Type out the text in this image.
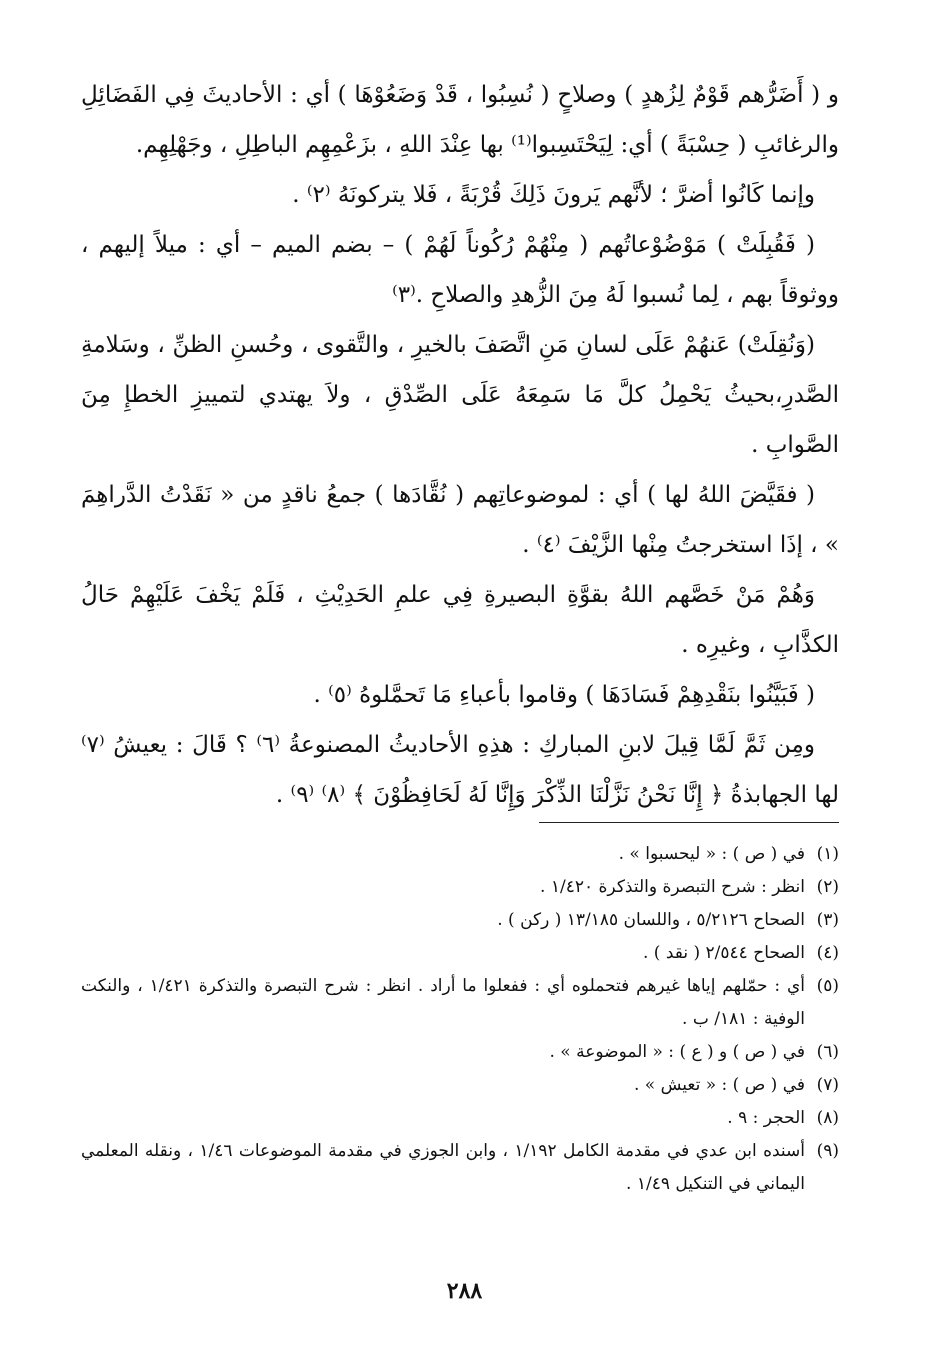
و ( أَضَرُّهم قَوْمٌ لِزُهدٍ ) وصلاحٍ ( نُسِبُوا ، قَدْ وَضَعُوْهَا ) أي : الأحاديثَ فِي الفَضَائِلِ والرغائبِ ( حِسْبَةً ) أي: لِيَحْتَسِبوا⁽¹⁾ بها عِنْدَ اللهِ ، بزَعْمِهِم الباطِلِ ، وجَهْلِهِم.

وإنما كَانُوا أضرَّ ؛ لأنَّهم يَرونَ ذَلِكَ قُرْبَةً ، فَلا يتركونَهُ ⁽٢⁾ .

( فَقُبِلَتْ ) مَوْضُوْعاتُهم ( مِنْهُمْ رُكُوناً لَهُمْ ) – بضم الميم – أي : ميلاً إليهم ، ووثوقاً بهم ، لِما نُسبوا لَهُ مِنَ الزُّهدِ والصلاحِ .⁽٣⁾

(وَنُقِلَتْ) عَنهُمْ عَلَى لسانِ مَنِ اتَّصَفَ بالخيرِ ، والتَّقوى ، وحُسنِ الظنِّ ، وسَلامةِ الصَّدرِ،بحيثُ يَحْمِلُ كلَّ مَا سَمِعَهُ عَلَى الصِّدْقِ ، ولاَ يهتدي لتمييزِ الخطإِ مِنَ الصَّوابِ .

( فقَيَّضَ اللهُ لها ) أي : لموضوعاتِهم ( نُقَّادَها ) جمعُ ناقدٍ من « نَقَدْتُ الدَّراهِمَ » ، إذَا استخرجتُ مِنْها الزَّيْفَ ⁽٤⁾ .

وَهُمْ مَنْ خَصَّهم اللهُ بقوَّةِ البصيرةِ فِي علمِ الحَدِيْثِ ، فَلَمْ يَخْفَ عَلَيْهِمْ حَالُ الكذَّابِ ، وغيرِه .

( فَبَيَّنُوا بنَقْدِهِمْ فَسَادَهَا ) وقاموا بأعباءِ مَا تَحمَّلوهُ ⁽٥⁾ .

ومِن ثَمَّ لَمَّا قِيلَ لابنِ المباركِ : هذِهِ الأحاديثُ المصنوعةُ ⁽٦⁾ ؟ قَالَ : يعيشُ ⁽٧⁾ لها الجهابذةُ ﴿ إِنَّا نَحْنُ نَزَّلْنَا الذِّكْرَ وَإِنَّا لَهُ لَحَافِظُوْنَ ﴾ ⁽٨⁾ ⁽٩⁾ .

(١)في ( ص ) : « ليحسبوا » .

(٢)انظر : شرح التبصرة والتذكرة ١/٤٢٠ .

(٣)الصحاح ٥/٢١٢٦ ، واللسان ١٣/١٨٥ ( ركن ) .

(٤)الصحاح ٢/٥٤٤ ( نقد ) .

(٥)أي : حمّلهم إياها غيرهم فتحملوه أي : ففعلوا ما أراد . انظر : شرح التبصرة والتذكرة ١/٤٢١ ، والنكت الوفية : ١٨١/ ب .

(٦)في ( ص ) و ( ع ) : « الموضوعة » .

(٧)في ( ص ) : « تعيش » .

(٨)الحجر : ٩ .

(٩)أسنده ابن عدي في مقدمة الكامل ١/١٩٢ ، وابن الجوزي في مقدمة الموضوعات ١/٤٦ ، ونقله المعلمي اليماني في التنكيل ١/٤٩ .

٢٨٨
